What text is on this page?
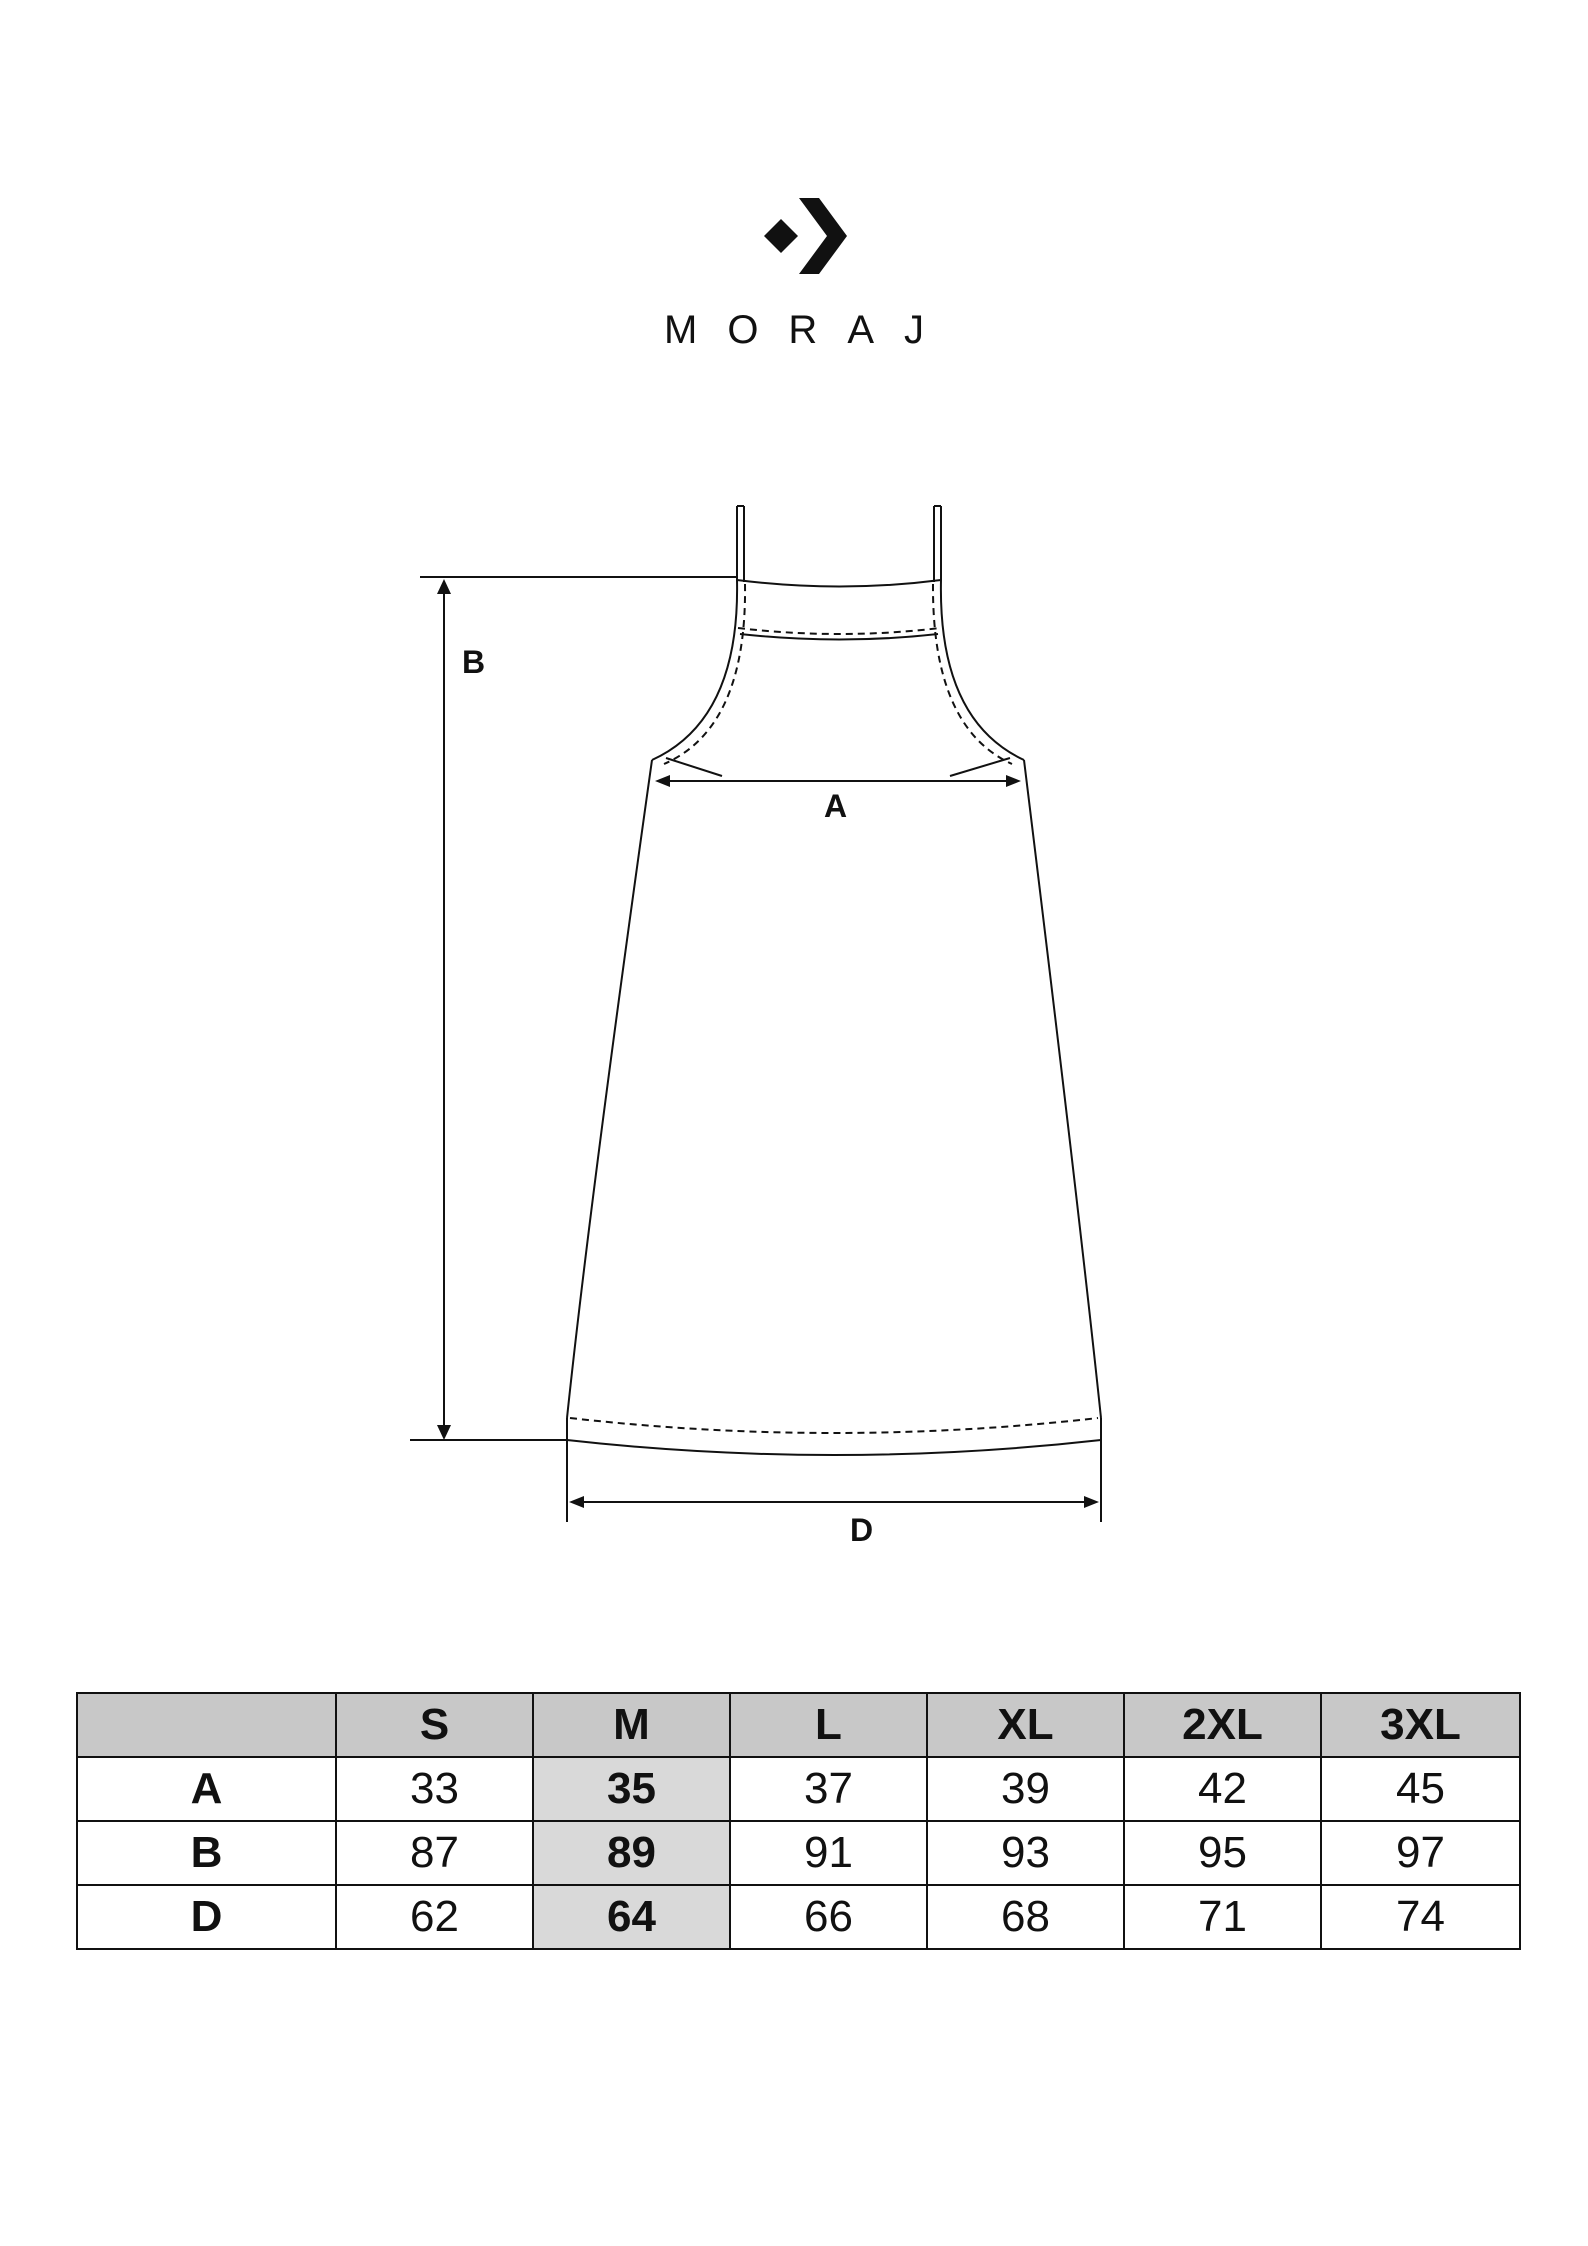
MORAJ
B
A
D
	S	M	L	XL	2XL	3XL
A	33	35	37	39	42	45
B	87	89	91	93	95	97
D	62	64	66	68	71	74
